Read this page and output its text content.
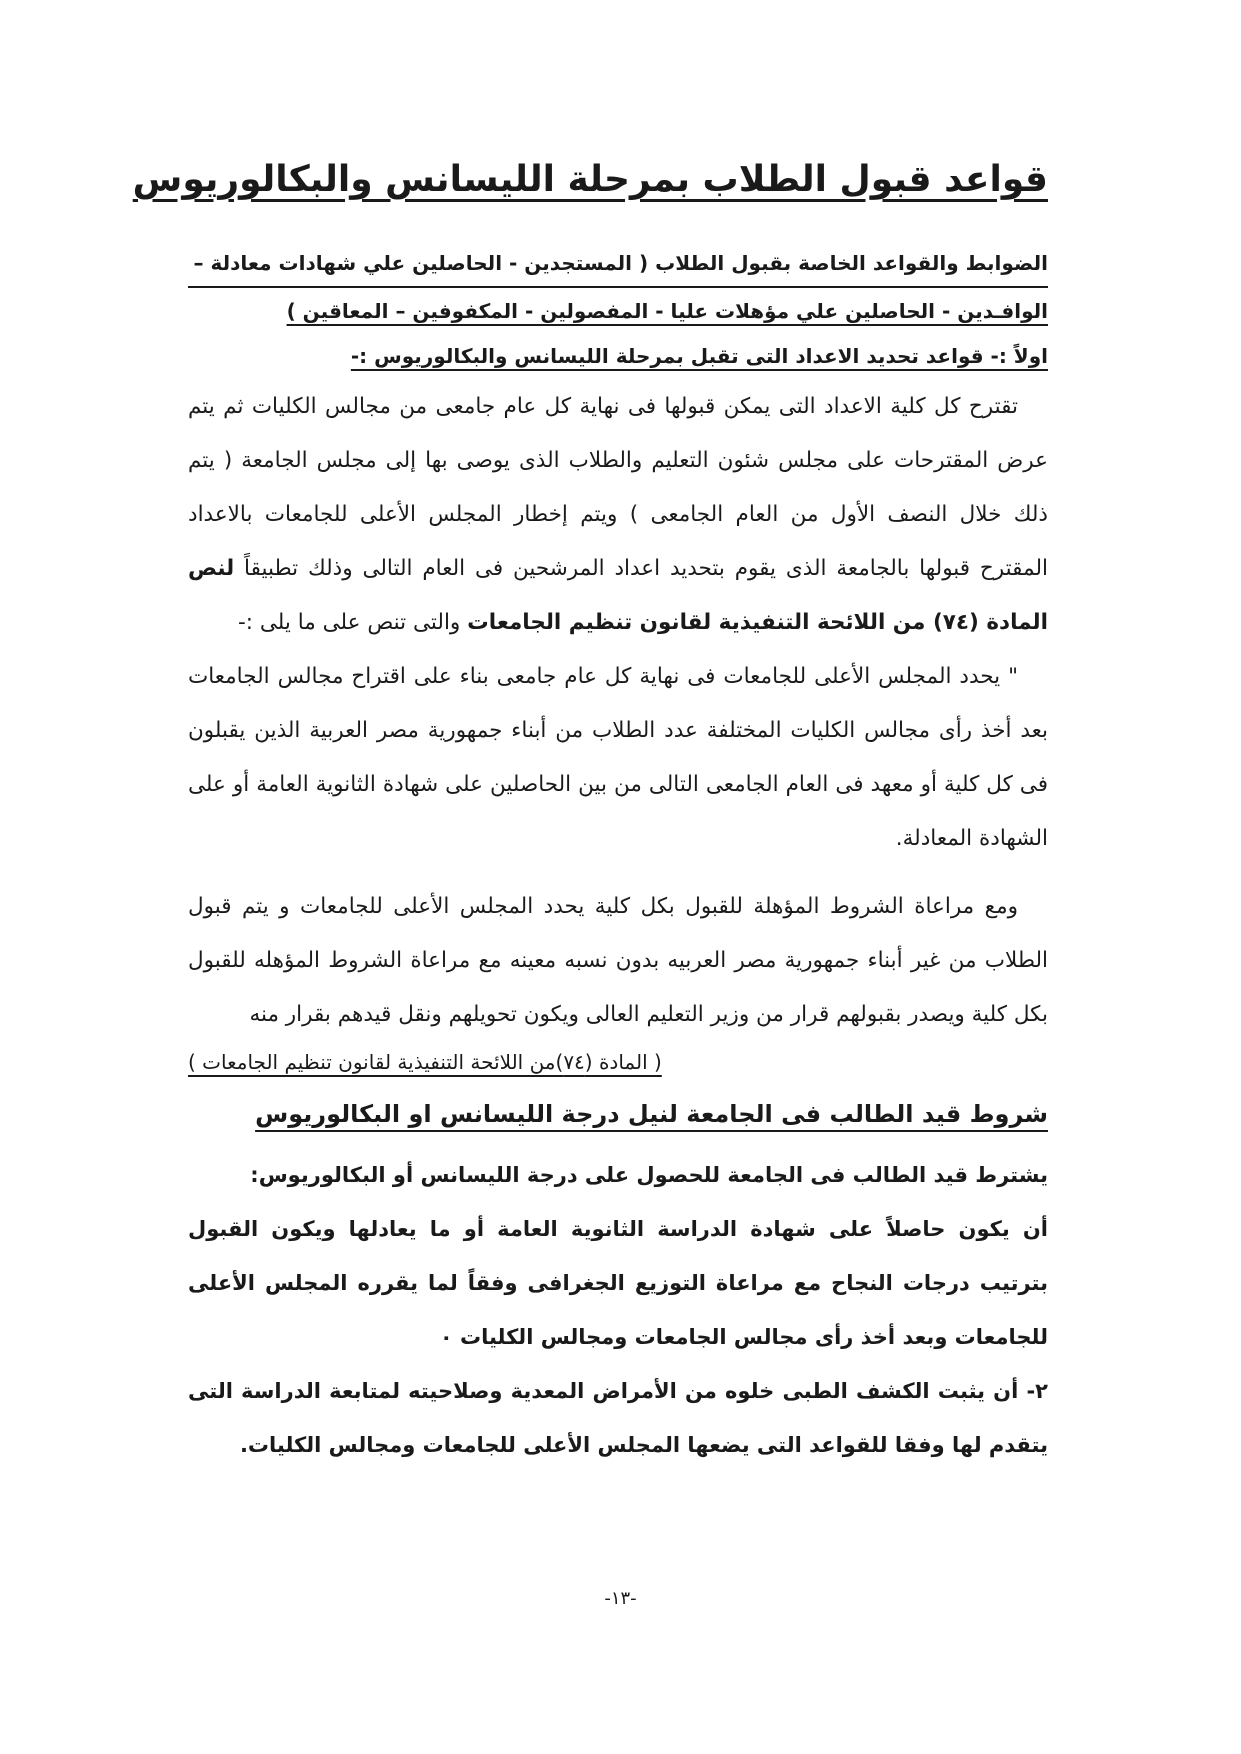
قواعد قبول الطلاب بمرحلة الليسانس والبكالوريوس

الضوابط والقواعد الخاصة بقبول الطلاب ( المستجدين - الحاصلين علي شهادات معادلة –
الوافـدين - الحاصلين علي مؤهلات عليا - المفصولين - المكفوفين – المعاقين )

اولاً :- قواعد تحديد الاعداد التى تقبل بمرحلة الليسانس والبكالوريوس :-

تقترح كل كلية الاعداد التى يمكن قبولها فى نهاية كل عام جامعى من مجالس الكليات ثم يتم عرض المقترحات على مجلس شئون التعليم والطلاب الذى يوصى بها إلى مجلس الجامعة ( يتم ذلك خلال النصف الأول من العام الجامعى ) ويتم إخطار المجلس الأعلى للجامعات بالاعداد المقترح قبولها بالجامعة الذى يقوم بتحديد اعداد المرشحين فى العام التالى وذلك تطبيقاً لنص المادة (٧٤) من اللائحة التنفيذية لقانون تنظيم الجامعات والتى تنص على ما يلى :-

" يحدد المجلس الأعلى للجامعات فى نهاية كل عام جامعى بناء على اقتراح مجالس الجامعات بعد أخذ رأى مجالس الكليات المختلفة عدد الطلاب من أبناء جمهورية مصر العربية الذين يقبلون فى كل كلية أو معهد فى العام الجامعى التالى من بين الحاصلين على شهادة الثانوية العامة أو على الشهادة المعادلة.

ومع مراعاة الشروط المؤهلة للقبول بكل كلية يحدد المجلس الأعلى للجامعات و يتم قبول الطلاب من غير أبناء جمهورية مصر العربيه بدون نسبه معينه مع مراعاة الشروط المؤهله للقبول بكل كلية ويصدر بقبولهم قرار من وزير التعليم العالى ويكون تحويلهم ونقل قيدهم بقرار منه

( المادة (٧٤)من اللائحة التنفيذية لقانون تنظيم الجامعات )
شروط قيد الطالب فى الجامعة لنيل درجة الليسانس او البكالوريوس

يشترط قيد الطالب فى الجامعة للحصول على درجة الليسانس أو البكالوريوس:

أن يكون حاصلاً على شهادة الدراسة الثانوية العامة أو ما يعادلها ويكون القبول بترتيب درجات النجاح مع مراعاة التوزيع الجغرافى وفقاً لما يقرره المجلس الأعلى للجامعات وبعد أخذ رأى مجالس الجامعات ومجالس الكليات ٠

٢- أن يثبت الكشف الطبى خلوه من الأمراض المعدية وصلاحيته لمتابعة الدراسة التى يتقدم لها وفقا للقواعد التى يضعها المجلس الأعلى للجامعات ومجالس الكليات.

-١٣-
